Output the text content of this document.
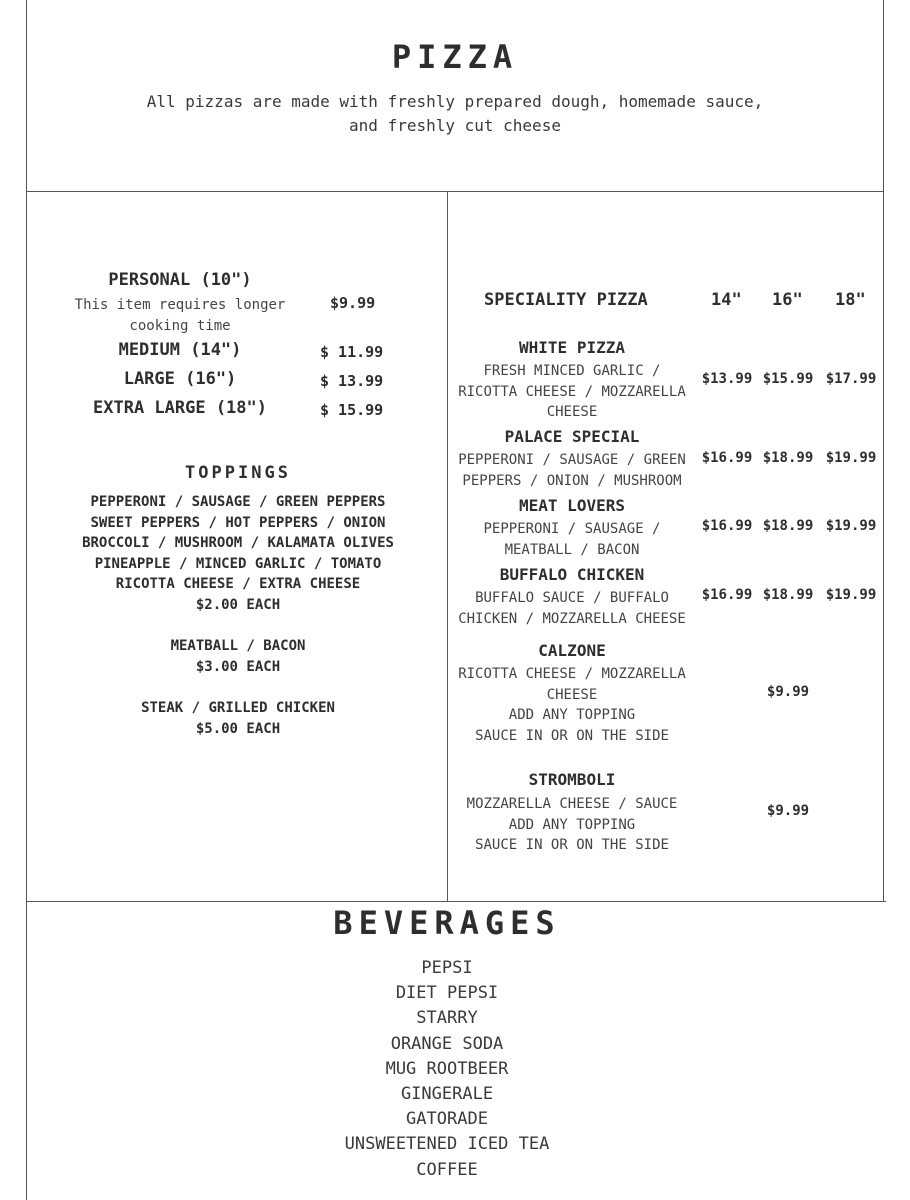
PIZZA
All pizzas are made with freshly prepared dough, homemade sauce,
and freshly cut cheese
PERSONAL (10")
This item requires longer
cooking time
$9.99
MEDIUM (14")	$ 11.99
LARGE (16")	$ 13.99
EXTRA LARGE (18")	$ 15.99
TOPPINGS
PEPPERONI / SAUSAGE / GREEN PEPPERS
SWEET PEPPERS / HOT PEPPERS / ONION
BROCCOLI / MUSHROOM / KALAMATA OLIVES
PINEAPPLE / MINCED GARLIC / TOMATO
RICOTTA CHEESE / EXTRA CHEESE
$2.00 EACH
MEATBALL / BACON
$3.00 EACH
STEAK / GRILLED CHICKEN
$5.00 EACH
SPECIALITY PIZZA	14" 16" 18"
WHITE PIZZA
FRESH MINCED GARLIC /
RICOTTA CHEESE / MOZZARELLA
CHEESE
$13.99 $15.99 $17.99
PALACE SPECIAL
PEPPERONI / SAUSAGE / GREEN
PEPPERS / ONION / MUSHROOM
$16.99 $18.99 $19.99
MEAT LOVERS
PEPPERONI / SAUSAGE /
MEATBALL / BACON
$16.99 $18.99 $19.99
BUFFALO CHICKEN
BUFFALO SAUCE / BUFFALO
CHICKEN / MOZZARELLA CHEESE
$16.99 $18.99 $19.99
CALZONE
RICOTTA CHEESE / MOZZARELLA
CHEESE
ADD ANY TOPPING
SAUCE IN OR ON THE SIDE
$9.99
STROMBOLI
MOZZARELLA CHEESE / SAUCE
ADD ANY TOPPING
SAUCE IN OR ON THE SIDE
$9.99
BEVERAGES
PEPSI
DIET PEPSI
STARRY
ORANGE SODA
MUG ROOTBEER
GINGERALE
GATORADE
UNSWEETENED ICED TEA
COFFEE
